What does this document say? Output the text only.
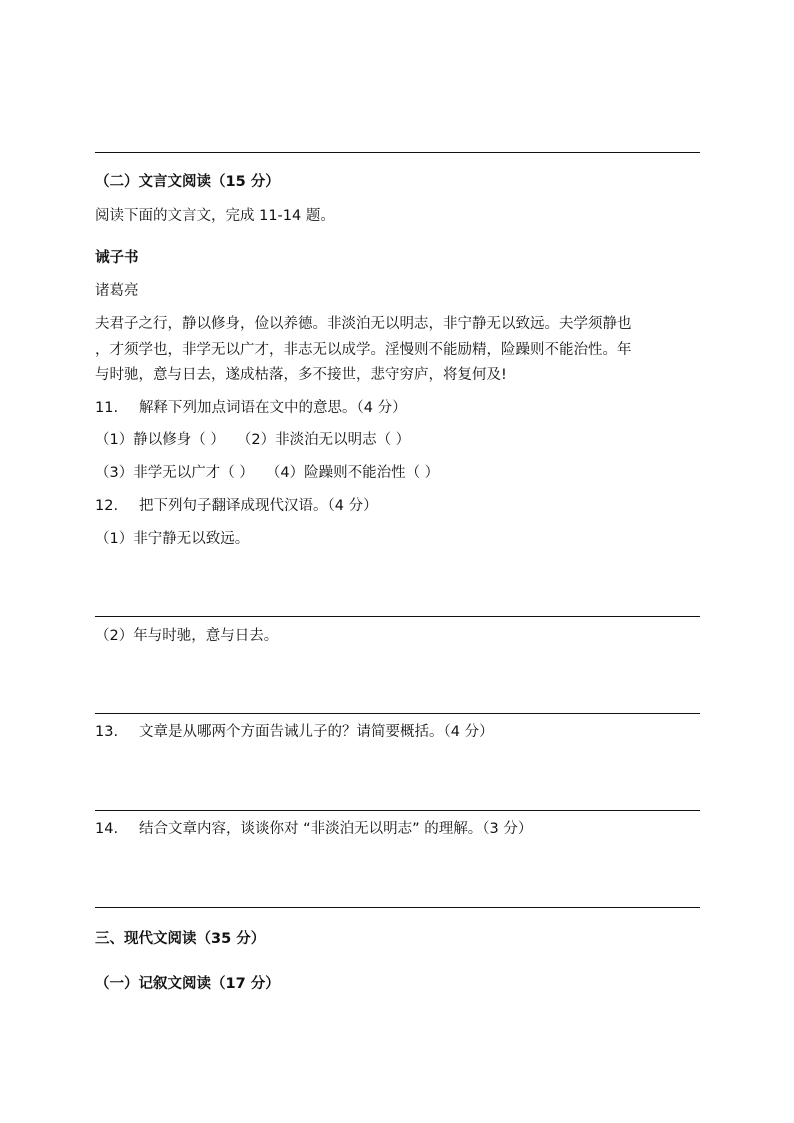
（二）文言文阅读（15 分）
阅读下面的文言文，完成 11-14 题。
诫子书
诸葛亮
夫君子之行，静以修身，俭以养德。非淡泊无以明志，非宁静无以致远。夫学须静也
，才须学也，非学无以广才，非志无以成学。淫慢则不能励精，险躁则不能治性。年
与时驰，意与日去，遂成枯落，多不接世，悲守穷庐，将复何及!
11. 解释下列加点词语在文中的意思。（4 分）
（1）静以修身（ ） （2）非淡泊无以明志（ ）
（3）非学无以广才（ ） （4）险躁则不能治性（ ）
12. 把下列句子翻译成现代汉语。（4 分）
（1）非宁静无以致远。
（2）年与时驰，意与日去。
13. 文章是从哪两个方面告诫儿子的？请简要概括。（4 分）
14. 结合文章内容，谈谈你对 “非淡泊无以明志” 的理解。（3 分）
三、现代文阅读（35 分）
（一）记叙文阅读（17 分）
